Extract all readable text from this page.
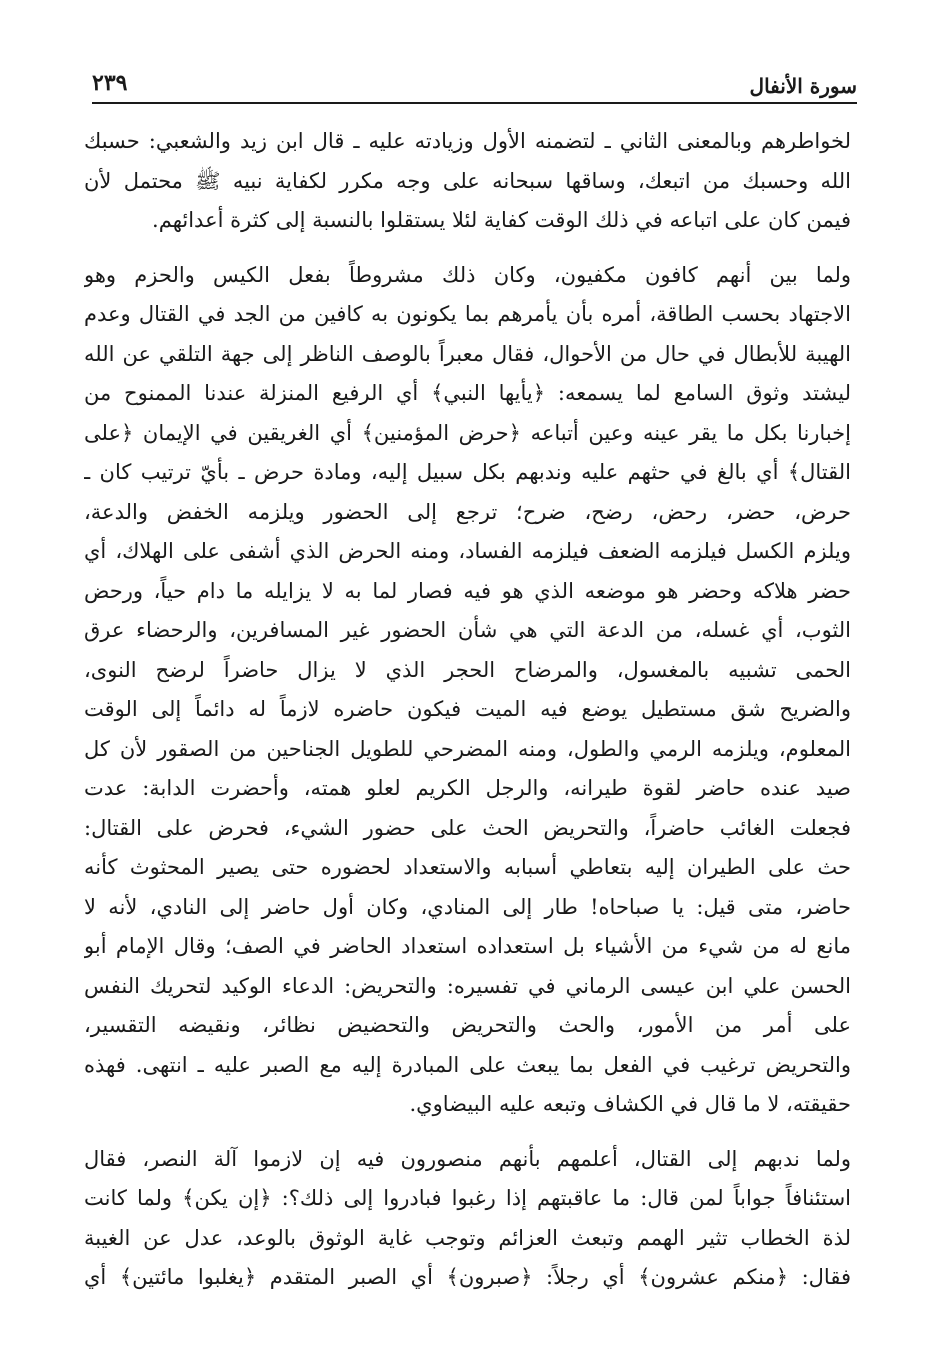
سورة الأنفال
٢٣٩
لخواطرهم وبالمعنى الثاني ـ لتضمنه الأول وزيادته عليه ـ قال ابن زيد والشعبي: حسبك
الله وحسبك من اتبعك، وساقها سبحانه على وجه مكرر لكفاية نبيه ﷺ محتمل لأن
فيمن كان على اتباعه في ذلك الوقت كفاية لئلا يستقلوا بالنسبة إلى كثرة أعدائهم.
ولما بين أنهم كافون مكفيون، وكان ذلك مشروطاً بفعل الكيس والحزم وهو
الاجتهاد بحسب الطاقة، أمره بأن يأمرهم بما يكونون به كافين من الجد في القتال وعدم
الهيبة للأبطال في حال من الأحوال، فقال معبراً بالوصف الناظر إلى جهة التلقي عن الله
ليشتد وثوق السامع لما يسمعه: ﴿يأيها النبي﴾ أي الرفيع المنزلة عندنا الممنوح من
إخبارنا بكل ما يقر عينه وعين أتباعه ﴿حرض المؤمنين﴾ أي الغريقين في الإيمان ﴿على
القتال﴾ أي بالغ في حثهم عليه وندبهم بكل سبيل إليه، ومادة حرض ـ بأيّ ترتيب كان ـ
حرض، حضر، رحض، رضح، ضرح؛ ترجع إلى الحضور ويلزمه الخفض والدعة،
ويلزم الكسل فيلزمه الضعف فيلزمه الفساد، ومنه الحرض الذي أشفى على الهلاك، أي
حضر هلاكه وحضر هو موضعه الذي هو فيه فصار لما به لا يزايله ما دام حياً، ورحض
الثوب، أي غسله، من الدعة التي هي شأن الحضور غير المسافرين، والرحضاء عرق
الحمى تشبيه بالمغسول، والمرضاح الحجر الذي لا يزال حاضراً لرضح النوى،
والضريح شق مستطيل يوضع فيه الميت فيكون حاضره لازماً له دائماً إلى الوقت
المعلوم، ويلزمه الرمي والطول، ومنه المضرحي للطويل الجناحين من الصقور لأن كل
صيد عنده حاضر لقوة طيرانه، والرجل الكريم لعلو همته، وأحضرت الدابة: عدت
فجعلت الغائب حاضراً، والتحريض الحث على حضور الشيء، فحرض على القتال:
حث على الطيران إليه بتعاطي أسبابه والاستعداد لحضوره حتى يصير المحثوث كأنه
حاضر، متى قيل: يا صباحاه! طار إلى المنادي، وكان أول حاضر إلى النادي، لأنه لا
مانع له من شيء من الأشياء بل استعداده استعداد الحاضر في الصف؛ وقال الإمام أبو
الحسن علي ابن عيسى الرماني في تفسيره: والتحريض: الدعاء الوكيد لتحريك النفس
على أمر من الأمور، والحث والتحريض والتحضيض نظائر، ونقيضه التقسير،
والتحريض ترغيب في الفعل بما يبعث على المبادرة إليه مع الصبر عليه ـ انتهى. فهذه
حقيقته، لا ما قال في الكشاف وتبعه عليه البيضاوي.
ولما ندبهم إلى القتال، أعلمهم بأنهم منصورون فيه إن لازموا آلة النصر، فقال
استئنافاً جواباً لمن قال: ما عاقبتهم إذا رغبوا فبادروا إلى ذلك؟: ﴿إن يكن﴾ ولما كانت
لذة الخطاب تثير الهمم وتبعث العزائم وتوجب غاية الوثوق بالوعد، عدل عن الغيبة
فقال: ﴿منكم عشرون﴾ أي رجلاً: ﴿صبرون﴾ أي الصبر المتقدم ﴿يغلبوا مائتين﴾ أي
